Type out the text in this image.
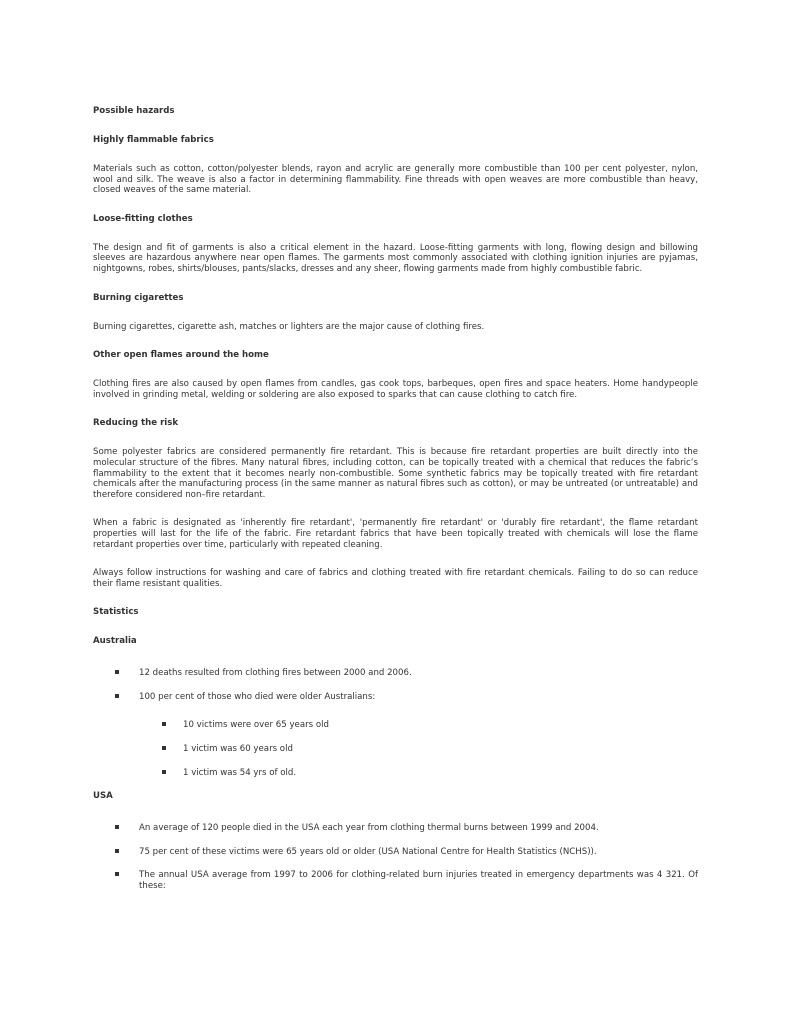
Possible hazards
Highly flammable fabrics

Materials such as cotton, cotton/polyester blends, rayon and acrylic are generally more combustible than 100 per cent polyester, nylon, wool and silk. The weave is also a factor in determining flammability. Fine threads with open weaves are more combustible than heavy, closed weaves of the same material.

Loose-fitting clothes

The design and fit of garments is also a critical element in the hazard. Loose-fitting garments with long, flowing design and billowing sleeves are hazardous anywhere near open flames. The garments most commonly associated with clothing ignition injuries are pyjamas, nightgowns, robes, shirts/blouses, pants/slacks, dresses and any sheer, flowing garments made from highly combustible fabric.

Burning cigarettes

Burning cigarettes, cigarette ash, matches or lighters are the major cause of clothing fires.

Other open flames around the home

Clothing fires are also caused by open flames from candles, gas cook tops, barbeques, open fires and space heaters. Home handypeople involved in grinding metal, welding or soldering are also exposed to sparks that can cause clothing to catch fire.

Reducing the risk

Some polyester fabrics are considered permanently fire retardant. This is because fire retardant properties are built directly into the molecular structure of the fibres. Many natural fibres, including cotton, can be topically treated with a chemical that reduces the fabric’s flammability to the extent that it becomes nearly non-combustible. Some synthetic fabrics may be topically treated with fire retardant chemicals after the manufacturing process (in the same manner as natural fibres such as cotton), or may be untreated (or untreatable) and therefore considered non–fire retardant.

When a fabric is designated as 'inherently fire retardant', 'permanently fire retardant' or 'durably fire retardant', the flame retardant properties will last for the life of the fabric. Fire retardant fabrics that have been topically treated with chemicals will lose the flame retardant properties over time, particularly with repeated cleaning.

Always follow instructions for washing and care of fabrics and clothing treated with fire retardant chemicals. Failing to do so can reduce their flame resistant qualities.

Statistics
Australia
12 deaths resulted from clothing fires between 2000 and 2006.
100 per cent of those who died were older Australians:
10 victims were over 65 years old
1 victim was 60 years old
1 victim was 54 yrs of old.
USA
An average of 120 people died in the USA each year from clothing thermal burns between 1999 and 2004.
75 per cent of these victims were 65 years old or older (USA National Centre for Health Statistics (NCHS)).
The annual USA average from 1997 to 2006 for clothing-related burn injuries treated in emergency departments was 4 321. Of these:
